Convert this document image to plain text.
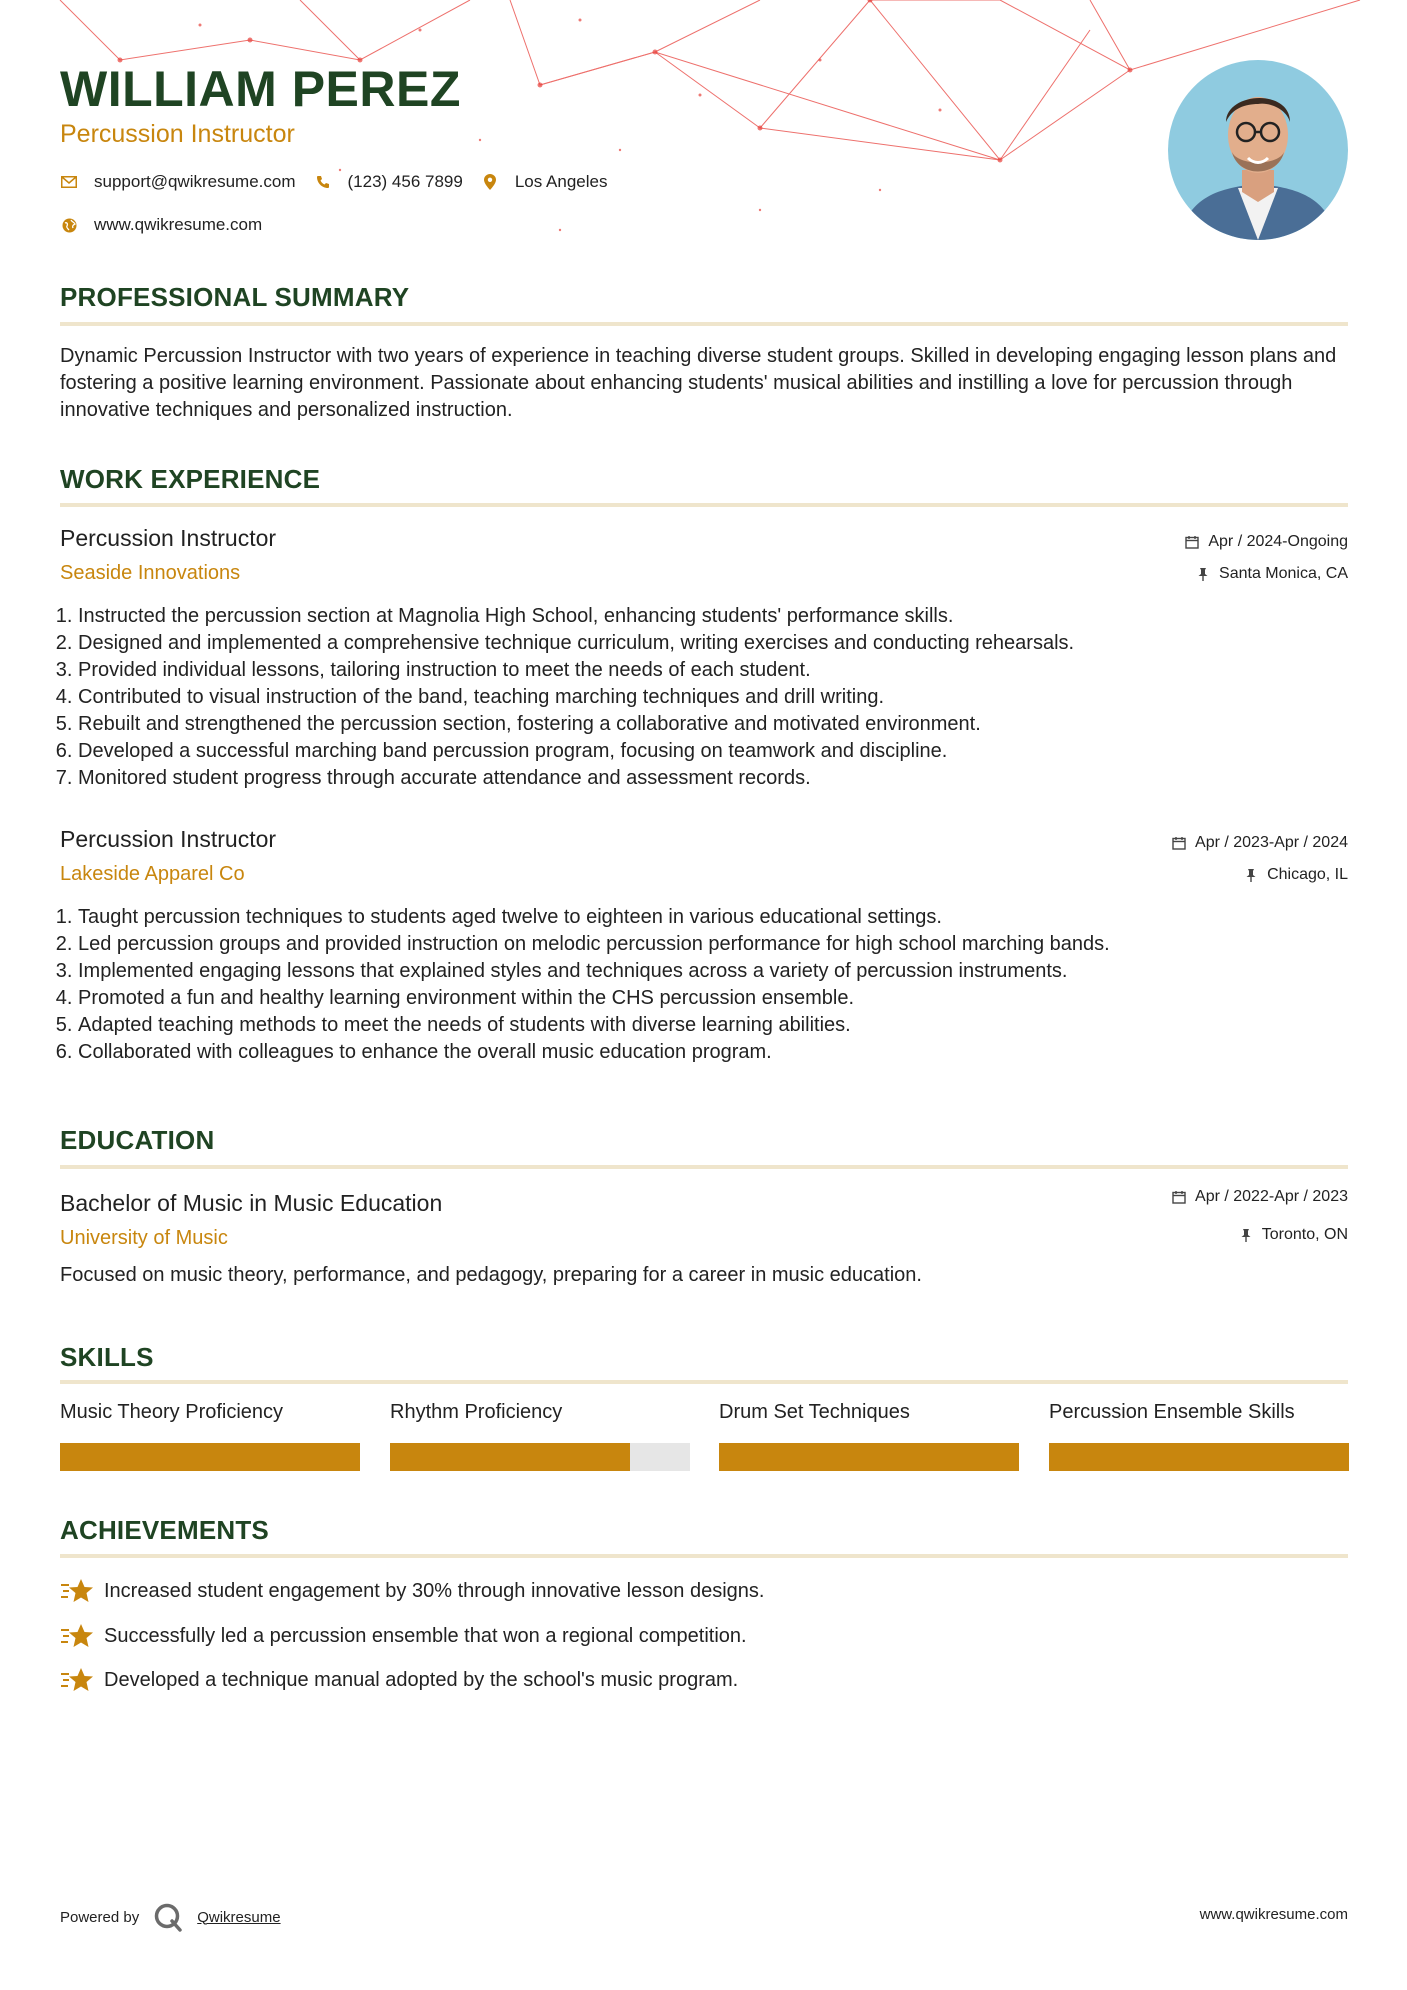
WILLIAM PEREZ
Percussion Instructor
support@qwikresume.com	(123) 456 7899	Los Angeles
www.qwikresume.com
PROFESSIONAL SUMMARY

Dynamic Percussion Instructor with two years of experience in teaching diverse student groups. Skilled in developing engaging lesson plans and fostering a positive learning environment. Passionate about enhancing students' musical abilities and instilling a love for percussion through innovative techniques and personalized instruction.

WORK EXPERIENCE
Percussion Instructor
Seaside Innovations
Apr / 2024-Ongoing
Santa Monica, CA
1. Instructed the percussion section at Magnolia High School, enhancing students' performance skills.
2. Designed and implemented a comprehensive technique curriculum, writing exercises and conducting rehearsals.
3. Provided individual lessons, tailoring instruction to meet the needs of each student.
4. Contributed to visual instruction of the band, teaching marching techniques and drill writing.
5. Rebuilt and strengthened the percussion section, fostering a collaborative and motivated environment.
6. Developed a successful marching band percussion program, focusing on teamwork and discipline.
7. Monitored student progress through accurate attendance and assessment records.
Percussion Instructor
Lakeside Apparel Co
Apr / 2023-Apr / 2024
Chicago, IL
1. Taught percussion techniques to students aged twelve to eighteen in various educational settings.
2. Led percussion groups and provided instruction on melodic percussion performance for high school marching bands.
3. Implemented engaging lessons that explained styles and techniques across a variety of percussion instruments.
4. Promoted a fun and healthy learning environment within the CHS percussion ensemble.
5. Adapted teaching methods to meet the needs of students with diverse learning abilities.
6. Collaborated with colleagues to enhance the overall music education program.
EDUCATION
Bachelor of Music in Music Education
University of Music
Apr / 2022-Apr / 2023
Toronto, ON

Focused on music theory, performance, and pedagogy, preparing for a career in music education.

SKILLS
Music Theory Proficiency	Rhythm Proficiency	Drum Set Techniques	Percussion Ensemble Skills
ACHIEVEMENTS
Increased student engagement by 30% through innovative lesson designs.
Successfully led a percussion ensemble that won a regional competition.
Developed a technique manual adopted by the school's music program.
Powered by	Qwikresume	www.qwikresume.com
